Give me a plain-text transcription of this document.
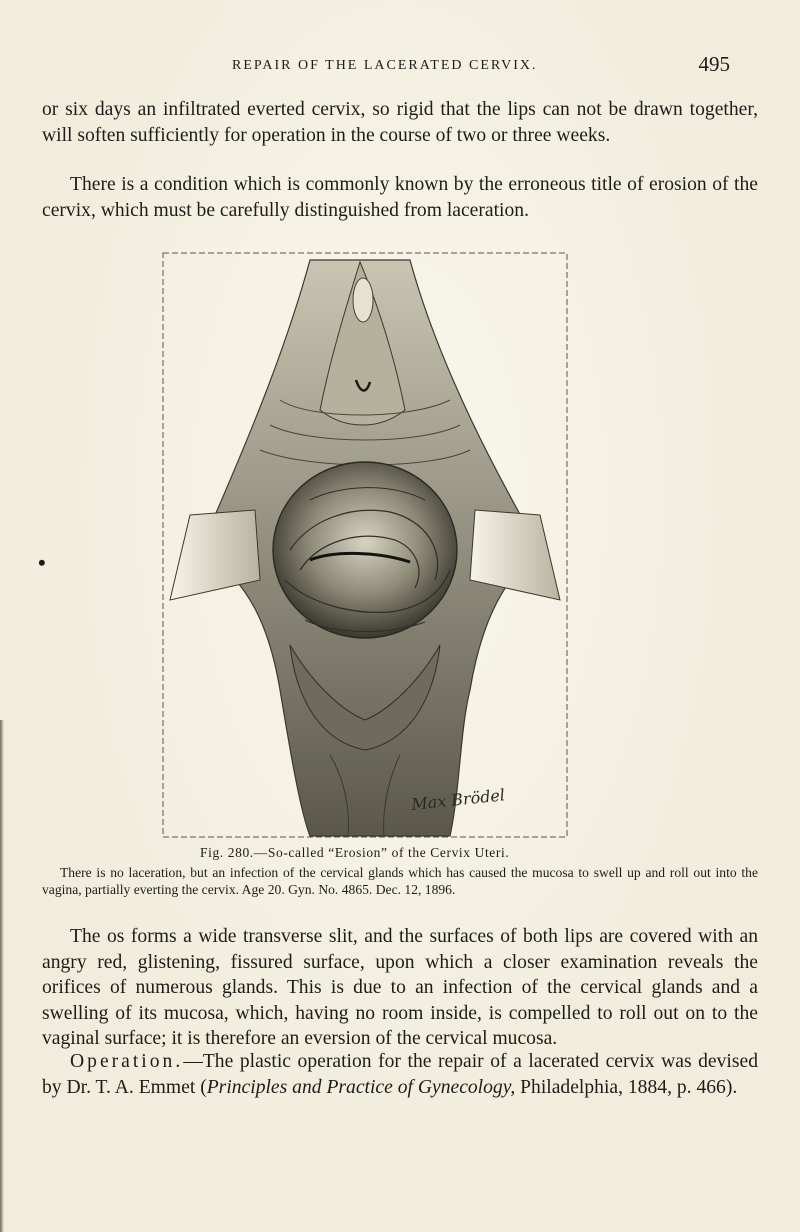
REPAIR OF THE LACERATED CERVIX.	495

or six days an infiltrated everted cervix, so rigid that the lips can not be drawn together, will soften sufficiently for operation in the course of two or three weeks.

There is a condition which is commonly known by the erroneous title of erosion of the cervix, which must be carefully distinguished from laceration.

•
Max Brödel
Fig. 280.—So-called “Erosion” of the Cervix Uteri.
There is no laceration, but an infection of the cervical glands which has caused the mucosa to swell up and roll out into the vagina, partially everting the cervix. Age 20. Gyn. No. 4865. Dec. 12, 1896.

The os forms a wide transverse slit, and the surfaces of both lips are covered with an angry red, glistening, fissured surface, upon which a closer examination reveals the orifices of numerous glands. This is due to an infection of the cervical glands and a swelling of its mucosa, which, having no room inside, is compelled to roll out on to the vaginal surface; it is therefore an eversion of the cervical mucosa.

Operation.—The plastic operation for the repair of a lacerated cervix was devised by Dr. T. A. Emmet (Principles and Practice of Gynecology, Philadelphia, 1884, p. 466).
